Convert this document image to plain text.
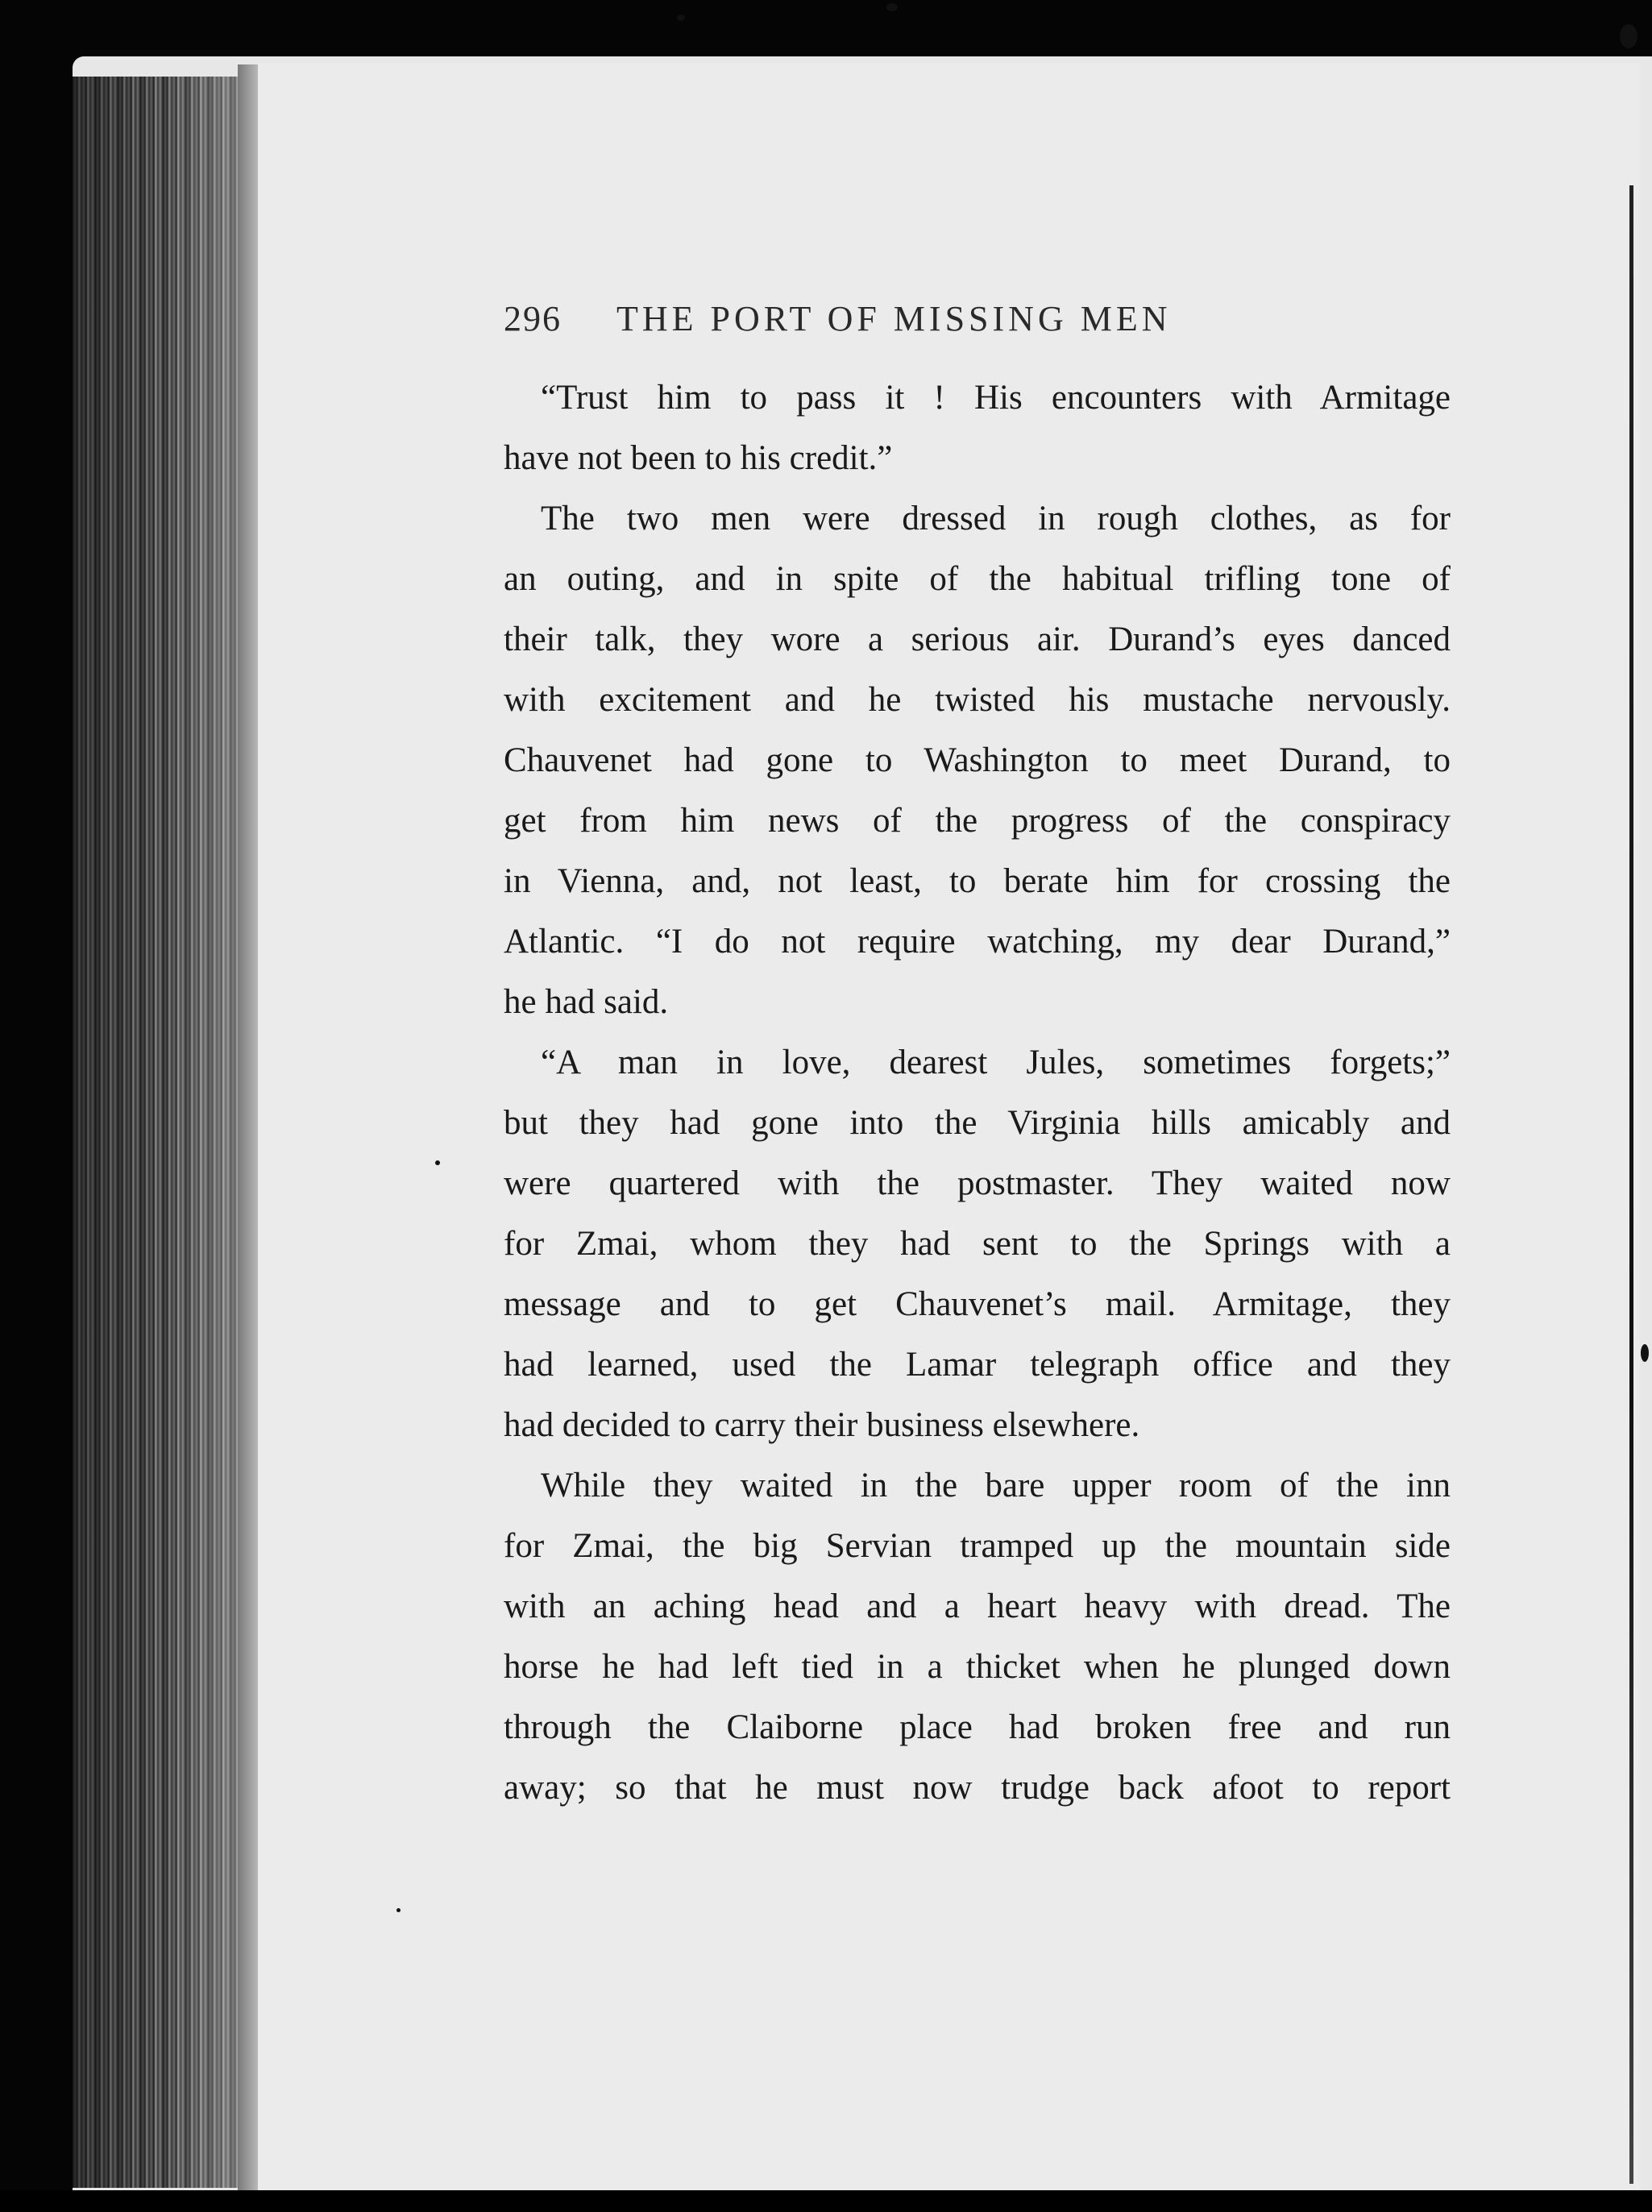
296	THE PORT OF MISSING MEN
“Trust him to pass it ! His encounters with Armitage
have not been to his credit.”
The two men were dressed in rough clothes, as for
an outing, and in spite of the habitual trifling tone of
their talk, they wore a serious air. Durand’s eyes danced
with excitement and he twisted his mustache nervously.
Chauvenet had gone to Washington to meet Durand, to
get from him news of the progress of the conspiracy
in Vienna, and, not least, to berate him for crossing the
Atlantic. “I do not require watching, my dear Durand,”
he had said.
“A man in love, dearest Jules, sometimes forgets;”
but they had gone into the Virginia hills amicably and
were quartered with the postmaster. They waited now
for Zmai, whom they had sent to the Springs with a
message and to get Chauvenet’s mail. Armitage, they
had learned, used the Lamar telegraph office and they
had decided to carry their business elsewhere.
While they waited in the bare upper room of the inn
for Zmai, the big Servian tramped up the mountain side
with an aching head and a heart heavy with dread. The
horse he had left tied in a thicket when he plunged down
through the Claiborne place had broken free and run
away; so that he must now trudge back afoot to report
